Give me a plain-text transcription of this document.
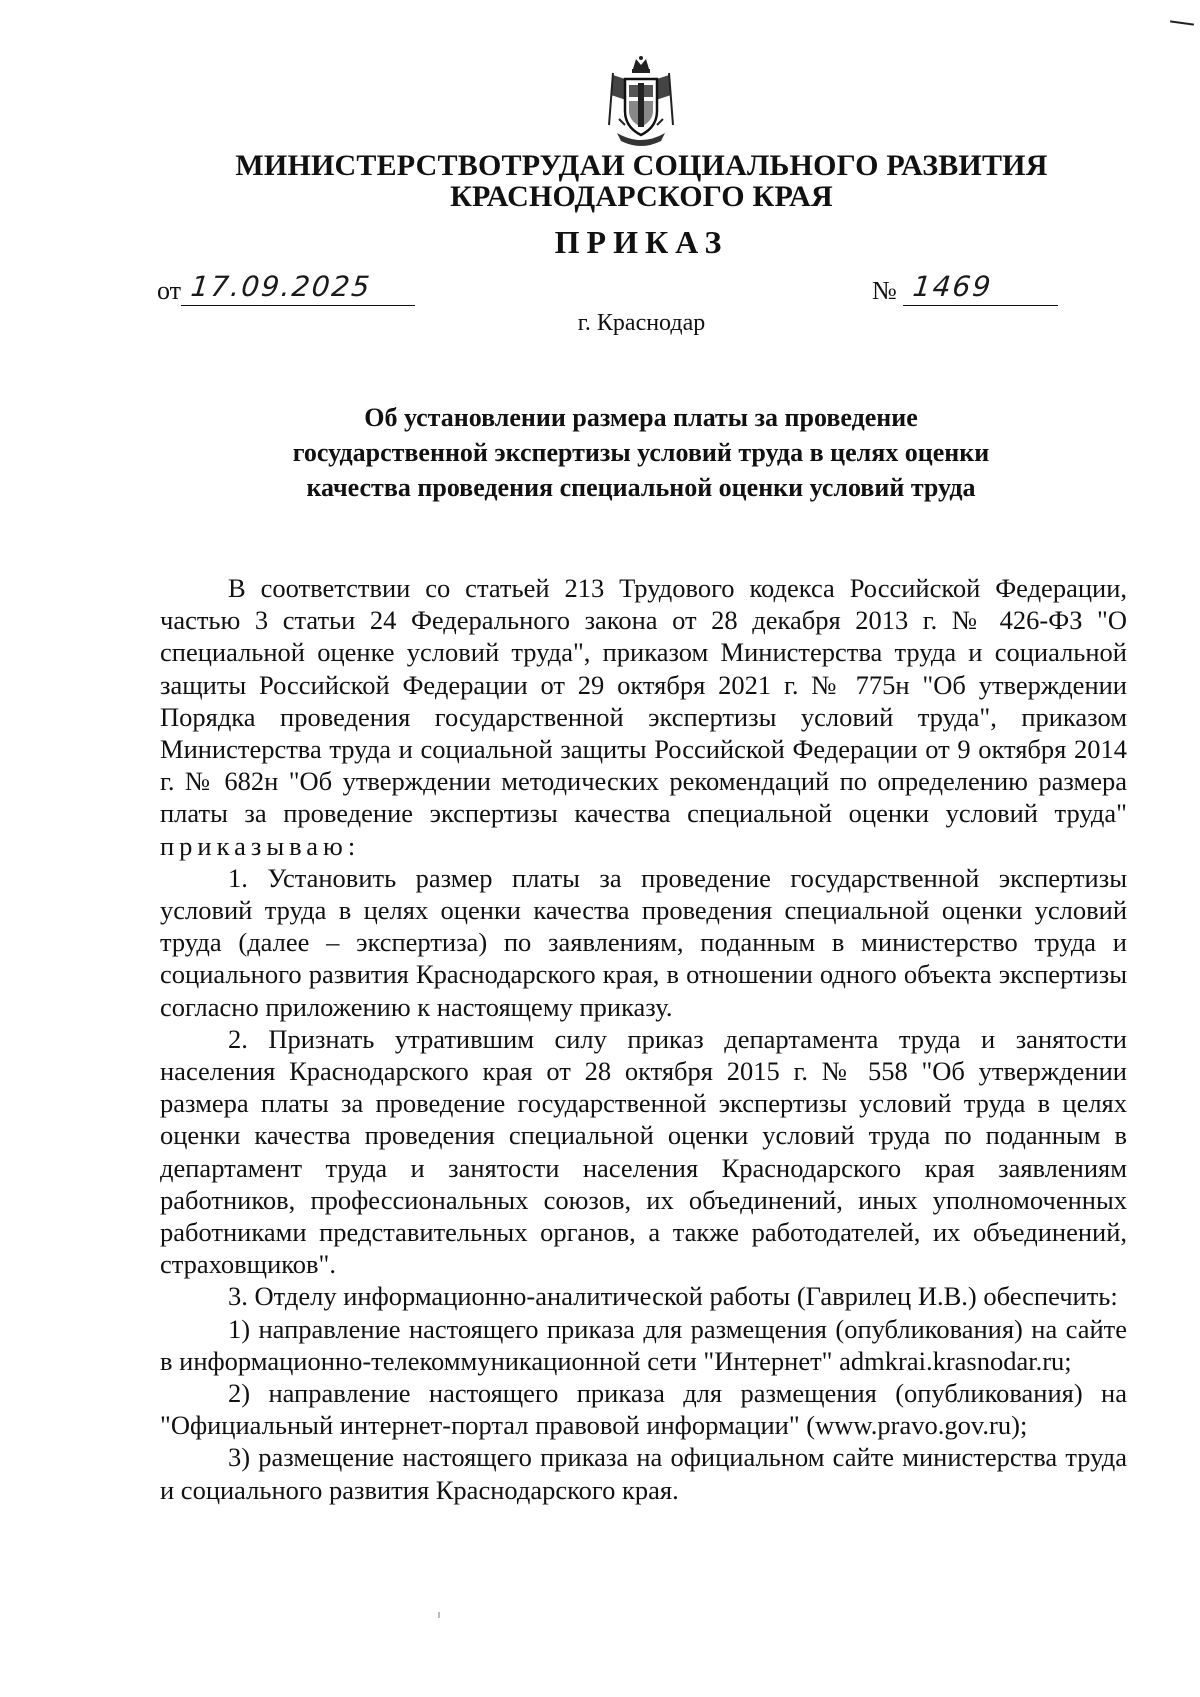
МИНИСТЕРСТВОТРУДАИ СОЦИАЛЬНОГО РАЗВИТИЯ
КРАСНОДАРСКОГО КРАЯ
ПРИКАЗ
от 17.09.2025	№ 1469
г. Краснодар
Об установлении размера платы за проведение
государственной экспертизы условий труда в целях оценки
качества проведения специальной оценки условий труда

В соответствии со статьей 213 Трудового кодекса Российской Федерации, частью 3 статьи 24 Федерального закона от 28 декабря 2013 г. № 426-ФЗ "О специальной оценке условий труда", приказом Министерства труда и социальной защиты Российской Федерации от 29 октября 2021 г. № 775н "Об утверждении Порядка проведения государственной экспертизы условий труда", приказом Министерства труда и социальной защиты Российской Федерации от 9 октября 2014 г. № 682н "Об утверждении методических рекомендаций по определению размера платы за проведение экспертизы качества специальной оценки условий труда" приказываю:

1. Установить размер платы за проведение государственной экспертизы условий труда в целях оценки качества проведения специальной оценки условий труда (далее – экспертиза) по заявлениям, поданным в министерство труда и социального развития Краснодарского края, в отношении одного объекта экспертизы согласно приложению к настоящему приказу.

2. Признать утратившим силу приказ департамента труда и занятости населения Краснодарского края от 28 октября 2015 г. № 558 "Об утверждении размера платы за проведение государственной экспертизы условий труда в целях оценки качества проведения специальной оценки условий труда по поданным в департамент труда и занятости населения Краснодарского края заявлениям работников, профессиональных союзов, их объединений, иных уполномоченных работниками представительных органов, а также работодателей, их объединений, страховщиков".

3. Отделу информационно-аналитической работы (Гаврилец И.В.) обеспечить:

1) направление настоящего приказа для размещения (опубликования) на сайте в информационно-телекоммуникационной сети "Интернет" admkrai.krasnodar.ru;

2) направление настоящего приказа для размещения (опубликования) на "Официальный интернет-портал правовой информации" (www.pravo.gov.ru);

3) размещение настоящего приказа на официальном сайте министерства труда и социального развития Краснодарского края.
